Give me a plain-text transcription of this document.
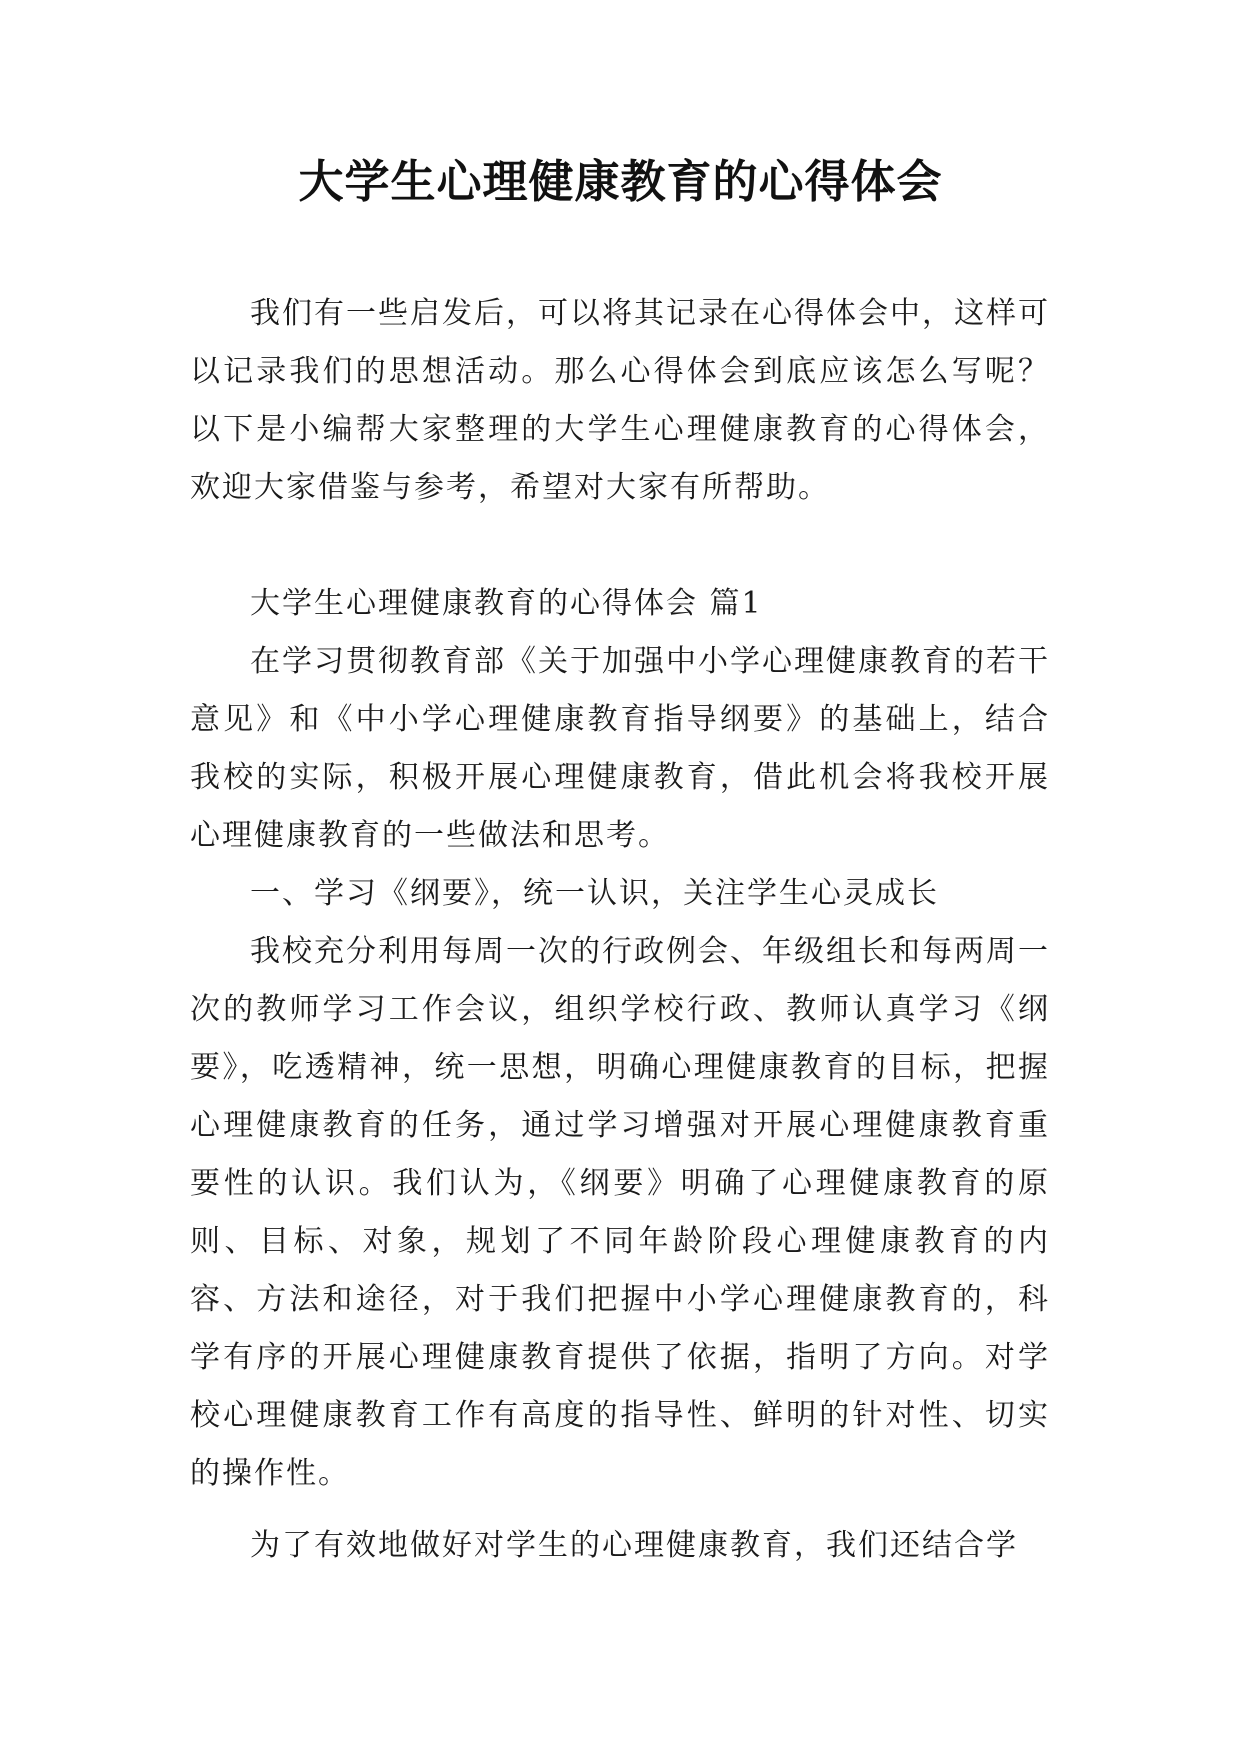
大学生心理健康教育的心得体会

我们有一些启发后，可以将其记录在心得体会中，这样可以记录我们的思想活动。那么心得体会到底应该怎么写呢？以下是小编帮大家整理的大学生心理健康教育的心得体会，欢迎大家借鉴与参考，希望对大家有所帮助。

大学生心理健康教育的心得体会 篇1

在学习贯彻教育部《关于加强中小学心理健康教育的若干意见》和《中小学心理健康教育指导纲要》的基础上，结合我校的实际，积极开展心理健康教育，借此机会将我校开展心理健康教育的一些做法和思考。

一、学习《纲要》，统一认识，关注学生心灵成长

我校充分利用每周一次的行政例会、年级组长和每两周一次的教师学习工作会议，组织学校行政、教师认真学习《纲要》，吃透精神，统一思想，明确心理健康教育的目标，把握心理健康教育的任务，通过学习增强对开展心理健康教育重要性的认识。我们认为，《纲要》明确了心理健康教育的原则、目标、对象，规划了不同年龄阶段心理健康教育的内容、方法和途径，对于我们把握中小学心理健康教育的，科学有序的开展心理健康教育提供了依据，指明了方向。对学校心理健康教育工作有高度的指导性、鲜明的针对性、切实的操作性。

为了有效地做好对学生的心理健康教育，我们还结合学
